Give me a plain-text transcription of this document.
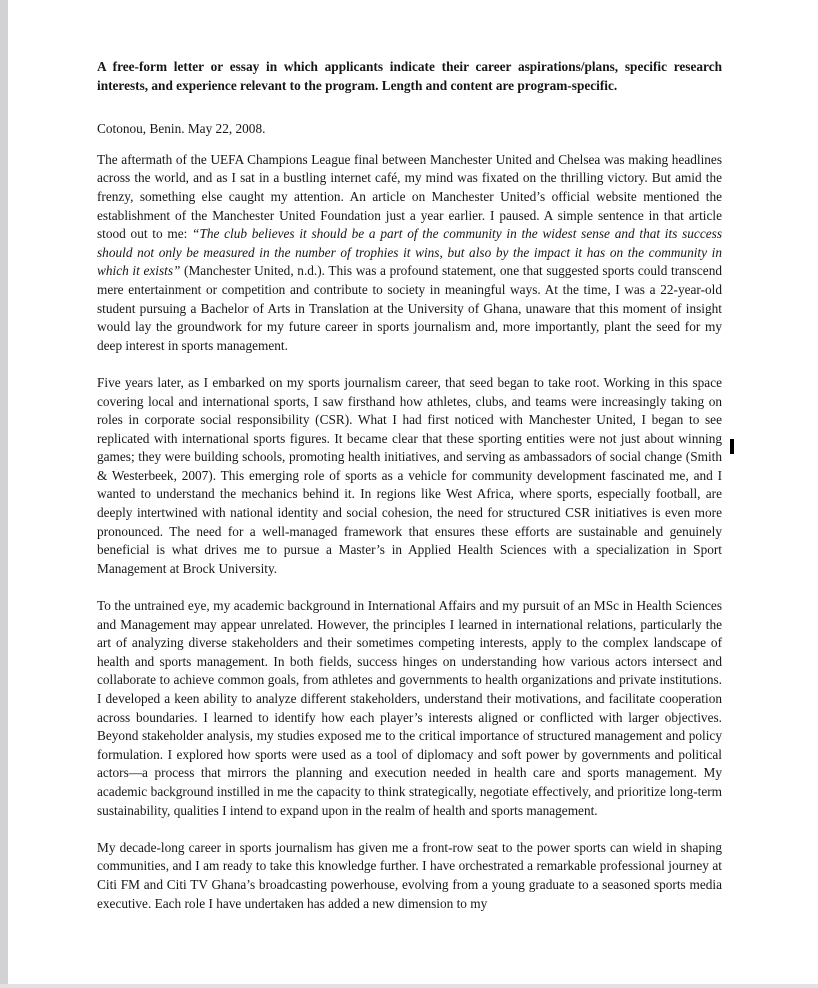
A free-form letter or essay in which applicants indicate their career aspirations/plans, specific research interests, and experience relevant to the program. Length and content are program-specific.

Cotonou, Benin. May 22, 2008.

The aftermath of the UEFA Champions League final between Manchester United and Chelsea was making headlines across the world, and as I sat in a bustling internet café, my mind was fixated on the thrilling victory. But amid the frenzy, something else caught my attention. An article on Manchester United’s official website mentioned the establishment of the Manchester United Foundation just a year earlier. I paused. A simple sentence in that article stood out to me: “The club believes it should be a part of the community in the widest sense and that its success should not only be measured in the number of trophies it wins, but also by the impact it has on the community in which it exists” (Manchester United, n.d.). This was a profound statement, one that suggested sports could transcend mere entertainment or competition and contribute to society in meaningful ways. At the time, I was a 22-year-old student pursuing a Bachelor of Arts in Translation at the University of Ghana, unaware that this moment of insight would lay the groundwork for my future career in sports journalism and, more importantly, plant the seed for my deep interest in sports management.

Five years later, as I embarked on my sports journalism career, that seed began to take root. Working in this space covering local and international sports, I saw firsthand how athletes, clubs, and teams were increasingly taking on roles in corporate social responsibility (CSR). What I had first noticed with Manchester United, I began to see replicated with international sports figures. It became clear that these sporting entities were not just about winning games; they were building schools, promoting health initiatives, and serving as ambassadors of social change (Smith & Westerbeek, 2007). This emerging role of sports as a vehicle for community development fascinated me, and I wanted to understand the mechanics behind it. In regions like West Africa, where sports, especially football, are deeply intertwined with national identity and social cohesion, the need for structured CSR initiatives is even more pronounced. The need for a well-managed framework that ensures these efforts are sustainable and genuinely beneficial is what drives me to pursue a Master’s in Applied Health Sciences with a specialization in Sport Management at Brock University.

To the untrained eye, my academic background in International Affairs and my pursuit of an MSc in Health Sciences and Management may appear unrelated. However, the principles I learned in international relations, particularly the art of analyzing diverse stakeholders and their sometimes competing interests, apply to the complex landscape of health and sports management. In both fields, success hinges on understanding how various actors intersect and collaborate to achieve common goals, from athletes and governments to health organizations and private institutions. I developed a keen ability to analyze different stakeholders, understand their motivations, and facilitate cooperation across boundaries. I learned to identify how each player’s interests aligned or conflicted with larger objectives. Beyond stakeholder analysis, my studies exposed me to the critical importance of structured management and policy formulation. I explored how sports were used as a tool of diplomacy and soft power by governments and political actors—a process that mirrors the planning and execution needed in health care and sports management. My academic background instilled in me the capacity to think strategically, negotiate effectively, and prioritize long-term sustainability, qualities I intend to expand upon in the realm of health and sports management.

My decade-long career in sports journalism has given me a front-row seat to the power sports can wield in shaping communities, and I am ready to take this knowledge further. I have orchestrated a remarkable professional journey at Citi FM and Citi TV Ghana’s broadcasting powerhouse, evolving from a young graduate to a seasoned sports media executive. Each role I have undertaken has added a new dimension to my
